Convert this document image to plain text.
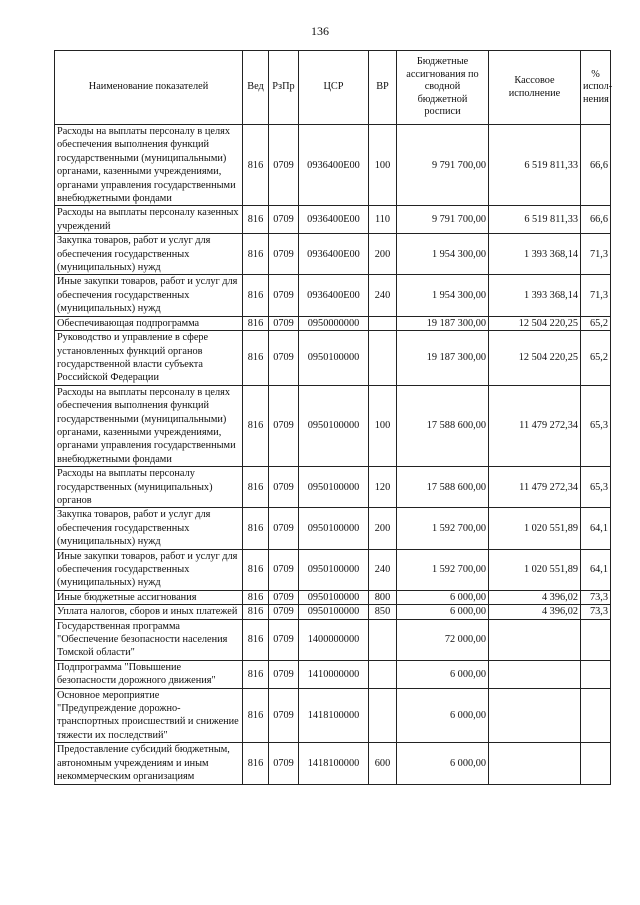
136
Наименование показателей	Вед	РзПр	ЦСР	ВР	Бюджетные ассигнования по сводной бюджетной росписи	Кассовое исполнение	% испол-нения
Расходы на выплаты персоналу в целях обеспечения выполнения функций государственными (муниципальными) органами, казенными учреждениями, органами управления государственными внебюджетными фондами	816	0709	0936400Е00	100	9 791 700,00	6 519 811,33	66,6
Расходы на выплаты персоналу казенных учреждений	816	0709	0936400Е00	110	9 791 700,00	6 519 811,33	66,6
Закупка товаров, работ и услуг для обеспечения государственных (муниципальных) нужд	816	0709	0936400Е00	200	1 954 300,00	1 393 368,14	71,3
Иные закупки товаров, работ и услуг для обеспечения государственных (муниципальных) нужд	816	0709	0936400Е00	240	1 954 300,00	1 393 368,14	71,3
Обеспечивающая подпрограмма	816	0709	0950000000		19 187 300,00	12 504 220,25	65,2
Руководство и управление в сфере установленных функций органов государственной власти субъекта Российской Федерации	816	0709	0950100000		19 187 300,00	12 504 220,25	65,2
Расходы на выплаты персоналу в целях обеспечения выполнения функций государственными (муниципальными) органами, казенными учреждениями, органами управления государственными внебюджетными фондами	816	0709	0950100000	100	17 588 600,00	11 479 272,34	65,3
Расходы на выплаты персоналу государственных (муниципальных) органов	816	0709	0950100000	120	17 588 600,00	11 479 272,34	65,3
Закупка товаров, работ и услуг для обеспечения государственных (муниципальных) нужд	816	0709	0950100000	200	1 592 700,00	1 020 551,89	64,1
Иные закупки товаров, работ и услуг для обеспечения государственных (муниципальных) нужд	816	0709	0950100000	240	1 592 700,00	1 020 551,89	64,1
Иные бюджетные ассигнования	816	0709	0950100000	800	6 000,00	4 396,02	73,3
Уплата налогов, сборов и иных платежей	816	0709	0950100000	850	6 000,00	4 396,02	73,3
Государственная программа "Обеспечение безопасности населения Томской области"	816	0709	1400000000		72 000,00		
Подпрограмма "Повышение безопасности дорожного движения"	816	0709	1410000000		6 000,00		
Основное мероприятие "Предупреждение дорожно-транспортных происшествий и снижение тяжести их последствий"	816	0709	1418100000		6 000,00		
Предоставление субсидий бюджетным, автономным учреждениям и иным некоммерческим организациям	816	0709	1418100000	600	6 000,00		
